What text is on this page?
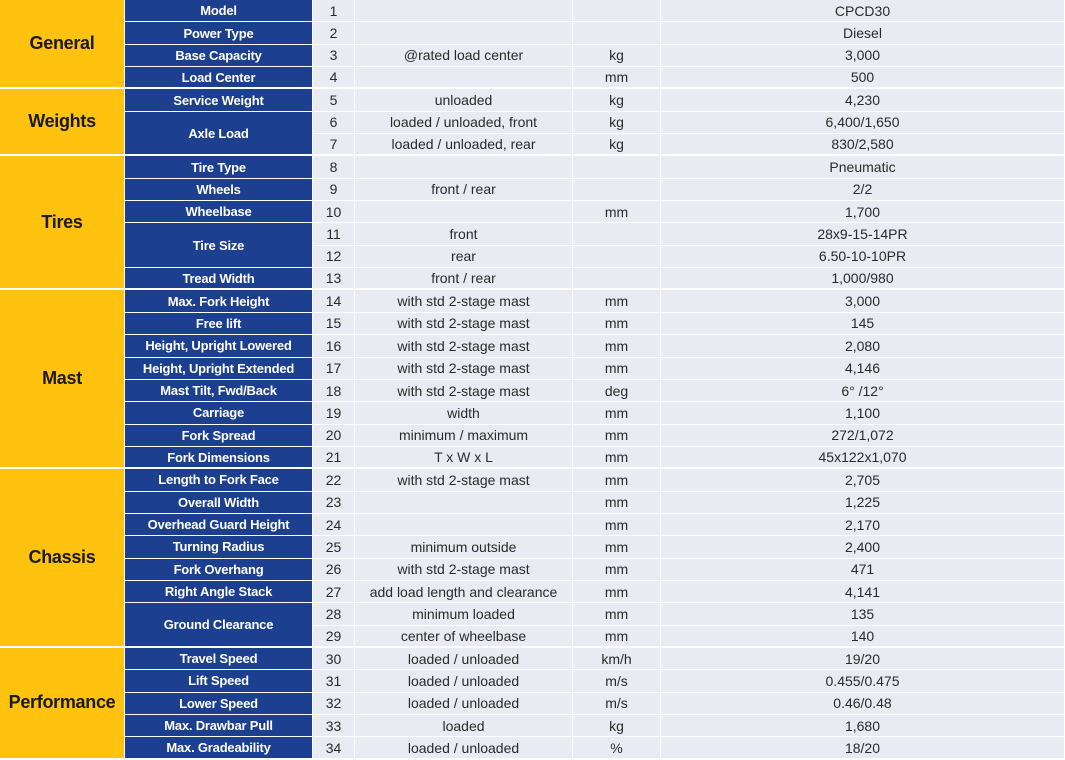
General	Model	1			CPCD30
	Power Type	2			Diesel
	Base Capacity	3	@rated load center	kg	3,000
	Load Center	4		mm	500
Weights	Service Weight	5	unloaded	kg	4,230
	Axle Load	6	loaded / unloaded, front	kg	6,400/1,650
		7	loaded / unloaded, rear	kg	830/2,580
Tires	Tire Type	8			Pneumatic
	Wheels	9	front / rear		2/2
	Wheelbase	10		mm	1,700
	Tire Size	11	front		28x9-15-14PR
		12	rear		6.50-10-10PR
	Tread Width	13	front / rear		1,000/980
Mast	Max. Fork Height	14	with std 2-stage mast	mm	3,000
	Free lift	15	with std 2-stage mast	mm	145
	Height, Upright Lowered	16	with std 2-stage mast	mm	2,080
	Height, Upright Extended	17	with std 2-stage mast	mm	4,146
	Mast Tilt, Fwd/Back	18	with std 2-stage mast	deg	6° /12°
	Carriage	19	width	mm	1,100
	Fork Spread	20	minimum / maximum	mm	272/1,072
	Fork Dimensions	21	T x W x L	mm	45x122x1,070
Chassis	Length to Fork Face	22	with std 2-stage mast	mm	2,705
	Overall Width	23		mm	1,225
	Overhead Guard Height	24		mm	2,170
	Turning Radius	25	minimum outside	mm	2,400
	Fork Overhang	26	with std 2-stage mast	mm	471
	Right Angle Stack	27	add load length and clearance	mm	4,141
	Ground Clearance	28	minimum loaded	mm	135
		29	center of wheelbase	mm	140
Performance	Travel Speed	30	loaded / unloaded	km/h	19/20
	Lift Speed	31	loaded / unloaded	m/s	0.455/0.475
	Lower Speed	32	loaded / unloaded	m/s	0.46/0.48
	Max. Drawbar Pull	33	loaded	kg	1,680
	Max. Gradeability	34	loaded / unloaded	%	18/20
